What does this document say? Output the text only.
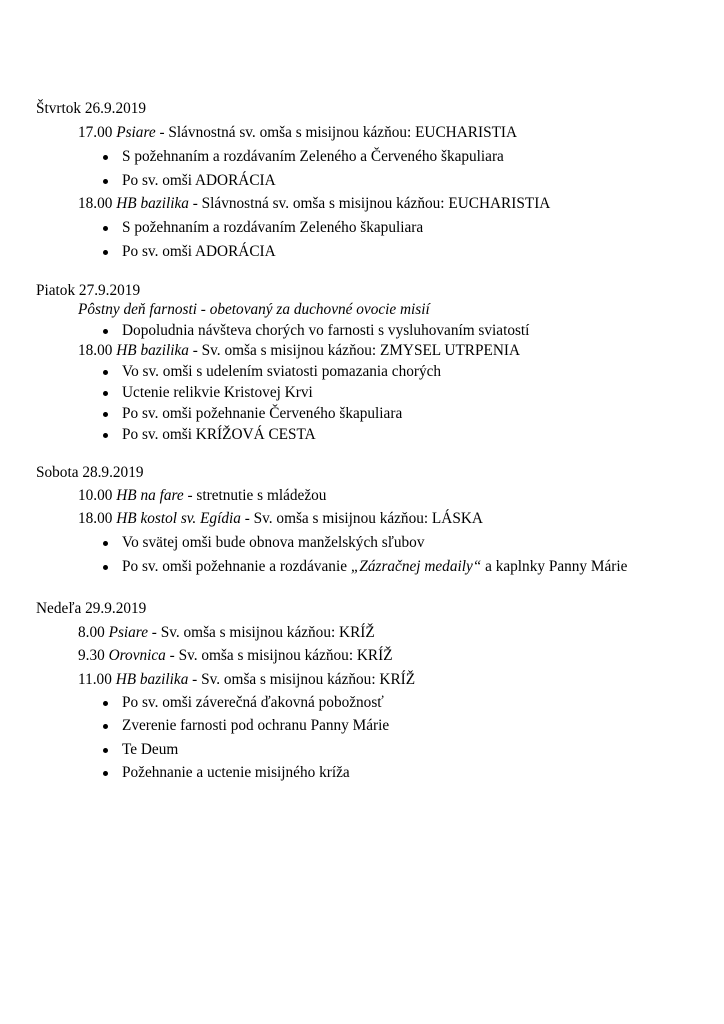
Štvrtok 26.9.2019
17.00 Psiare - Slávnostná sv. omša s misijnou kázňou: EUCHARISTIA
S požehnaním a rozdávaním Zeleného a Červeného škapuliara
Po sv. omši ADORÁCIA
18.00 HB bazilika - Slávnostná sv. omša s misijnou kázňou: EUCHARISTIA
S požehnaním a rozdávaním Zeleného škapuliara
Po sv. omši ADORÁCIA
Piatok 27.9.2019
Pôstny deň farnosti - obetovaný za duchovné ovocie misií
Dopoludnia návšteva chorých vo farnosti s vysluhovaním sviatostí
18.00 HB bazilika - Sv. omša s misijnou kázňou: ZMYSEL UTRPENIA
Vo sv. omši s udelením sviatosti pomazania chorých
Uctenie relikvie Kristovej Krvi
Po sv. omši požehnanie Červeného škapuliara
Po sv. omši KRÍŽOVÁ CESTA
Sobota 28.9.2019
10.00 HB na fare - stretnutie s mládežou
18.00 HB kostol sv. Egídia - Sv. omša s misijnou kázňou: LÁSKA
Vo svätej omši bude obnova manželských sľubov
Po sv. omši požehnanie a rozdávanie „Zázračnej medaily“ a kaplnky Panny Márie
Nedeľa 29.9.2019
8.00 Psiare - Sv. omša s misijnou kázňou: KRÍŽ
9.30 Orovnica - Sv. omša s misijnou kázňou: KRÍŽ
11.00 HB bazilika - Sv. omša s misijnou kázňou: KRÍŽ
Po sv. omši záverečná ďakovná pobožnosť
Zverenie farnosti pod ochranu Panny Márie
Te Deum
Požehnanie a uctenie misijného kríža
